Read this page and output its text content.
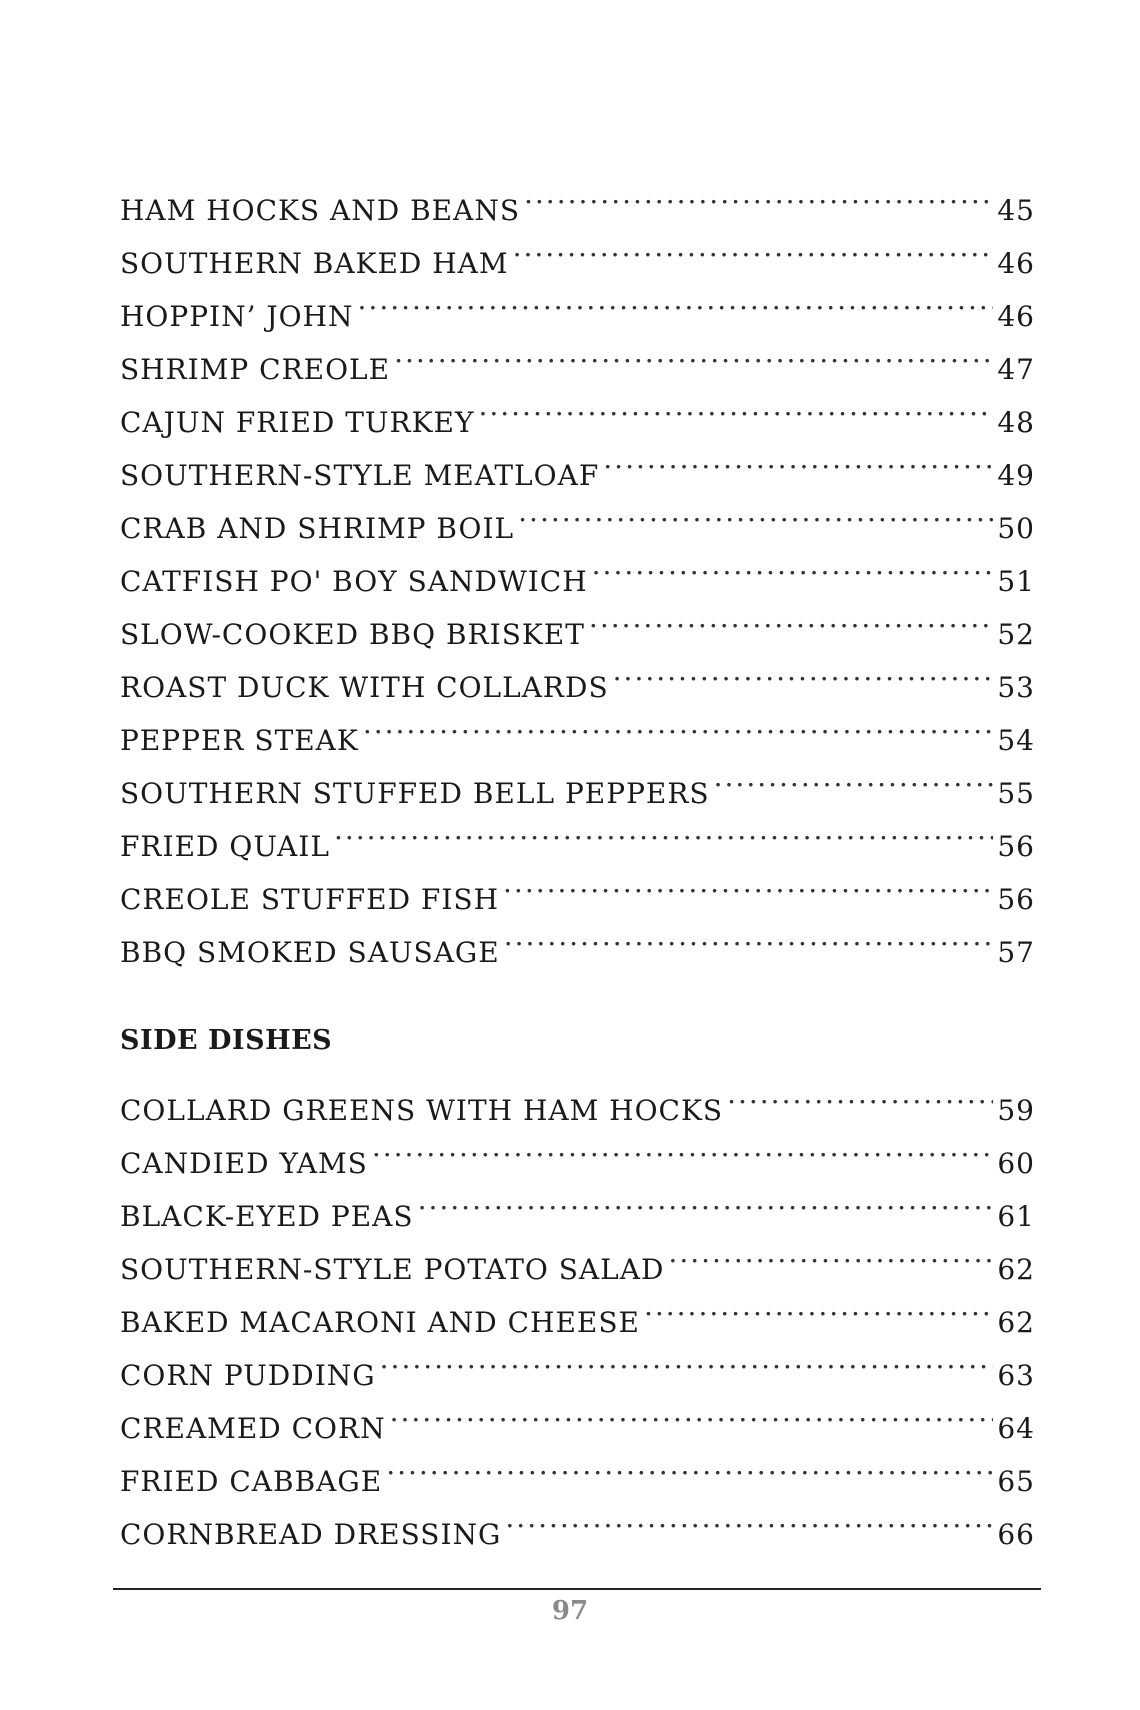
HAM HOCKS AND BEANS .....	45
SOUTHERN BAKED HAM .....	46
HOPPIN’ JOHN .....	46
SHRIMP CREOLE .....	47
CAJUN FRIED TURKEY .....	48
SOUTHERN-STYLE MEATLOAF .....	49
CRAB AND SHRIMP BOIL .....	50
CATFISH PO' BOY SANDWICH .....	51
SLOW-COOKED BBQ BRISKET .....	52
ROAST DUCK WITH COLLARDS .....	53
PEPPER STEAK .....	54
SOUTHERN STUFFED BELL PEPPERS .....	55
FRIED QUAIL .....	56
CREOLE STUFFED FISH .....	56
BBQ SMOKED SAUSAGE .....	57
SIDE DISHES
COLLARD GREENS WITH HAM HOCKS .....	59
CANDIED YAMS .....	60
BLACK-EYED PEAS .....	61
SOUTHERN-STYLE POTATO SALAD .....	62
BAKED MACARONI AND CHEESE .....	62
CORN PUDDING .....	63
CREAMED CORN .....	64
FRIED CABBAGE .....	65
CORNBREAD DRESSING .....	66
97
